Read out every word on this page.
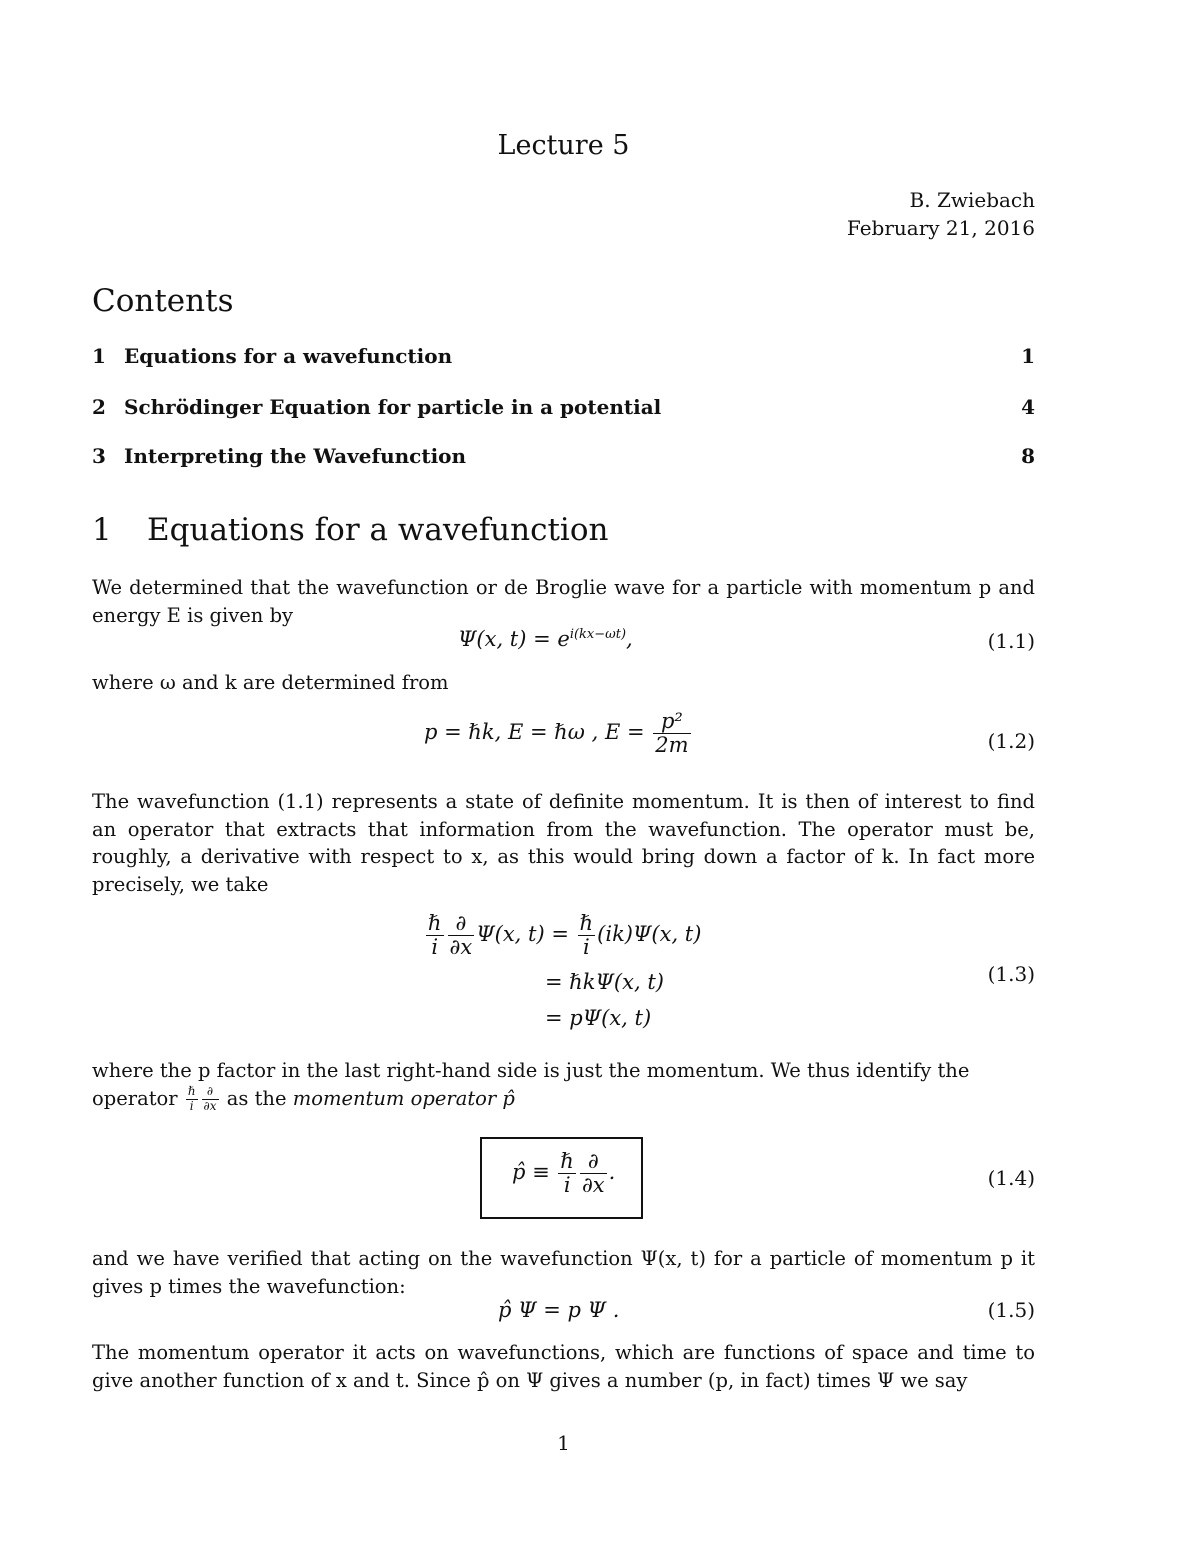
Lecture 5
B. Zwiebach
February 21, 2016
Contents
1 Equations for a wavefunction	1
2 Schrödinger Equation for particle in a potential	4
3 Interpreting the Wavefunction	8
1	Equations for a wavefunction
We determined that the wavefunction or de Broglie wave for a particle with momentum p and energy E is given by
Ψ(x, $t) = e^{i(kx-\omega t)}$,	(1.1)
where ω and k are determined from
p = ℏk, E = ℏω , $E = \frac{\text{p²}}{2m}$	(1.2)
The wavefunction (1.1) represents a state of definite momentum. It is then of interest to find an operator that extracts that information from the wavefunction. The operator must be, roughly, a derivative with respect to x, as this would bring down a factor of k. In fact more precisely, we take
$\frac{\text{ℏ}}{i} \frac{\partial}{\partial x} \Psi(x$, $t) = \frac{\text{ℏ}}{i} (ik)\Psi(x$, t)
= ℏkΨ(x, t)
= pΨ(x, t)
(1.3)
where the p factor in the last right-hand side is just the momentum. We thus identify the
operator $\frac{\text{ℏ}}{i} \frac{\partial}{\partial x}$ as the momentum operator p̂
p̂ ≡ $\frac{\text{ℏ}}{i} \frac{\partial}{\partial x}$ .	(1.4)
and we have verified that acting on the wavefunction Ψ(x, t) for a particle of momentum p it gives p times the wavefunction:
p̂ Ψ = p Ψ .	(1.5)
The momentum operator it acts on wavefunctions, which are functions of space and time to give another function of x and t. Since p̂ on Ψ gives a number (p, in fact) times Ψ we say
1
